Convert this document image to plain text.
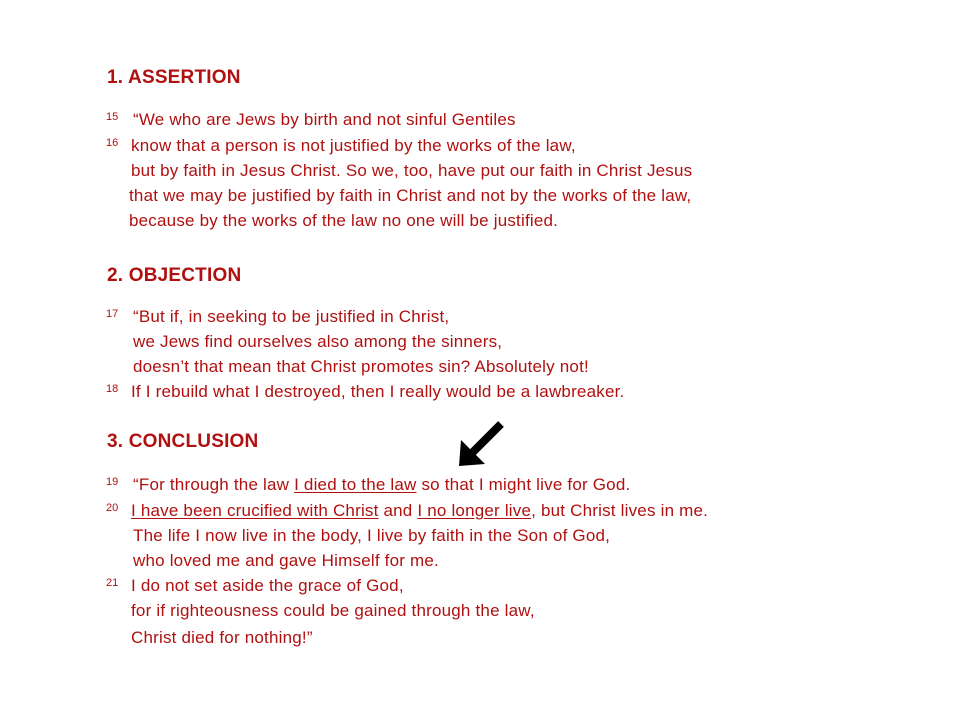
1. ASSERTION
15 “We who are Jews by birth and not sinful Gentiles
16 know that a person is not justified by the works of the law,
but by faith in Jesus Christ. So we, too, have put our faith in Christ Jesus
that we may be justified by faith in Christ and not by the works of the law,
because by the works of the law no one will be justified.
2. OBJECTION
17 “But if, in seeking to be justified in Christ,
we Jews find ourselves also among the sinners,
doesn’t that mean that Christ promotes sin? Absolutely not!
18 If I rebuild what I destroyed, then I really would be a lawbreaker.
3. CONCLUSION
19 “For through the law I died to the law so that I might live for God.
20 I have been crucified with Christ and I no longer live, but Christ lives in me.
The life I now live in the body, I live by faith in the Son of God,
who loved me and gave Himself for me.
21 I do not set aside the grace of God,
for if righteousness could be gained through the law,
Christ died for nothing!”
